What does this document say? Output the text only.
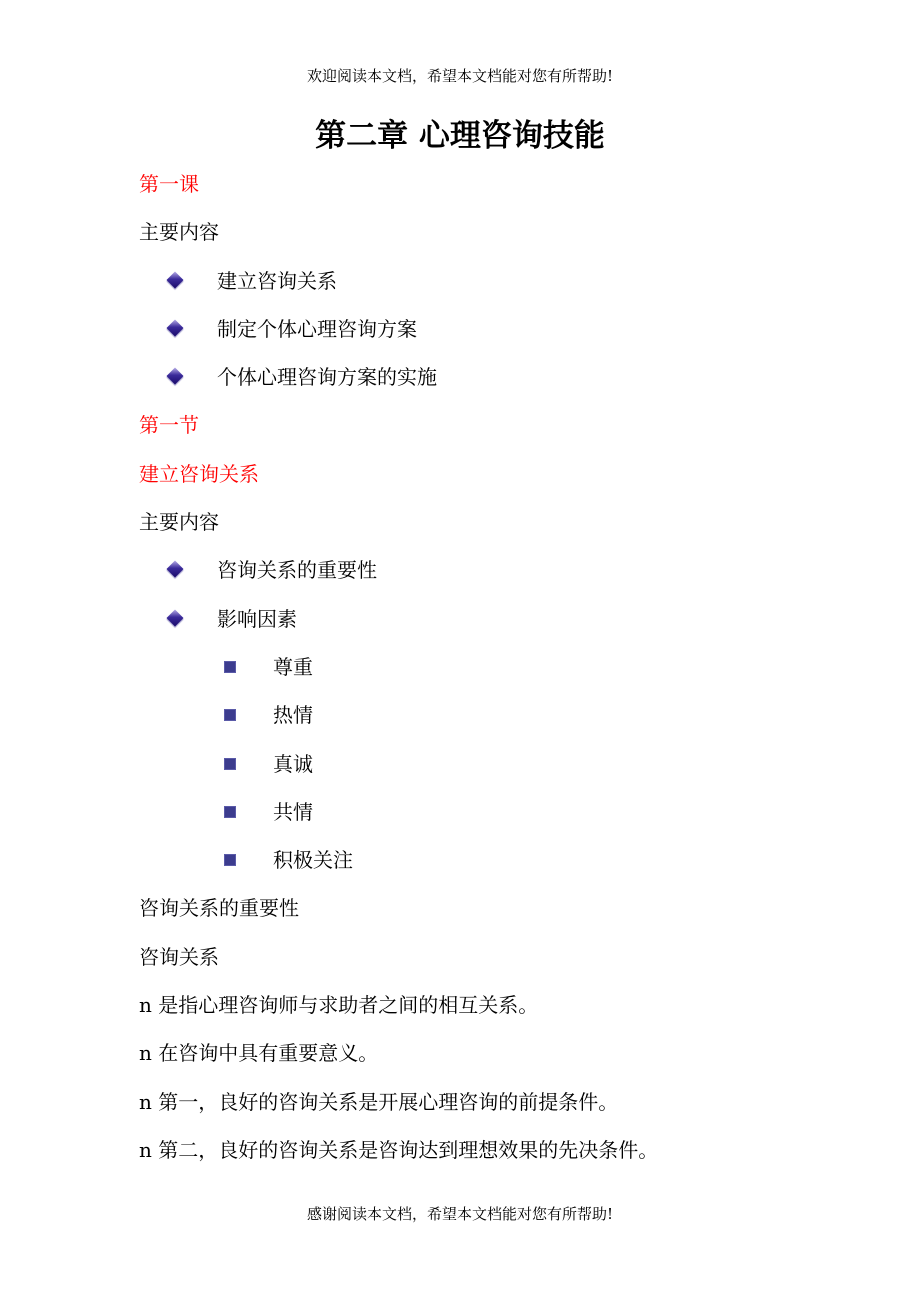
欢迎阅读本文档，希望本文档能对您有所帮助!
第二章 心理咨询技能
第一课
主要内容
建立咨询关系
制定个体心理咨询方案
个体心理咨询方案的实施
第一节
建立咨询关系
主要内容
咨询关系的重要性
影响因素
尊重
热情
真诚
共情
积极关注
咨询关系的重要性
咨询关系
n 是指心理咨询师与求助者之间的相互关系。
n 在咨询中具有重要意义。
n 第一，良好的咨询关系是开展心理咨询的前提条件。
n 第二，良好的咨询关系是咨询达到理想效果的先决条件。
感谢阅读本文档，希望本文档能对您有所帮助!
